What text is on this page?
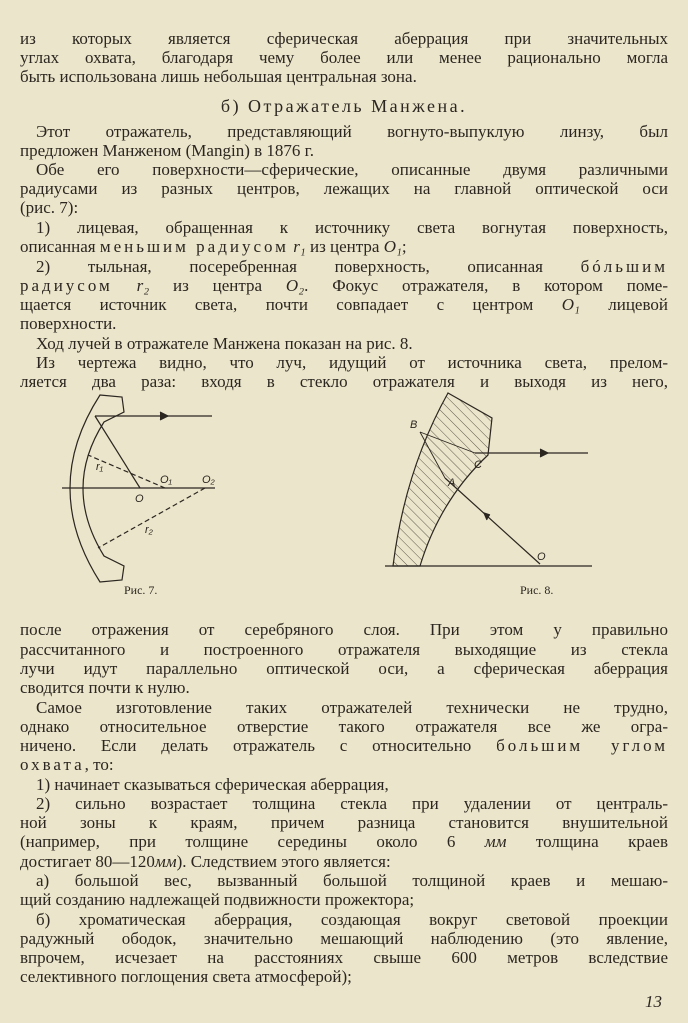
из которых является сферическая аберрация при значительных
углах охвата, благодаря чему более или менее рационально могла
быть использована лишь небольшая центральная зона.
Этот отражатель, представляющий вогнуто-выпуклую линзу, был
предложен Манженом (Mangin) в 1876 г.
Обе его поверхности—сферические, описанные двумя различными
радиусами из разных центров, лежащих на главной оптической оси
(рис. 7):
1) лицевая, обращенная к источнику света вогнутая поверхность,
описанная меньшим радиусом r₁ из центра O₁;
2) тыльная, посеребренная поверхность, описанная бóльшим
радиусом r₂ из центра O₂. Фокус отражателя, в котором поме-
щается источник света, почти совпадает с центром O₁ лицевой
поверхности.
Ход лучей в отражателе Манжена показан на рис. 8.
Из чертежа видно, что луч, идущий от источника света, прелом-
ляется два раза: входя в стекло отражателя и выходя из него,
после отражения от серебряного слоя. При этом у правильно
рассчитанного и построенного отражателя выходящие из стекла
лучи идут параллельно оптической оси, а сферическая аберрация
сводится почти к нулю.
Самое изготовление таких отражателей технически не трудно,
однако относительное отверстие такого отражателя все же огра-
ничено. Если делать отражатель с относительно большим углом
охвата, то:
1) начинает сказываться сферическая аберрация,
2) сильно возрастает толщина стекла при удалении от централь-
ной зоны к краям, причем разница становится внушительной
(например, при толщине середины около 6 мм толщина краев
достигает 80—120мм). Следствием этого является:
а) большой вес, вызванный большой толщиной краев и мешаю-
щий созданию надлежащей подвижности прожектора;
б) хроматическая аберрация, создающая вокруг световой проекции
радужный ободок, значительно мешающий наблюдению (это явление,
впрочем, исчезает на расстояниях свыше 600 метров вследствие
селективного поглощения света атмосферой);
б) Отражатель Манжена.
r₁
r₂
O
O₁	O₂
B
C
A
O
Рис. 7.	Рис. 8.
13
